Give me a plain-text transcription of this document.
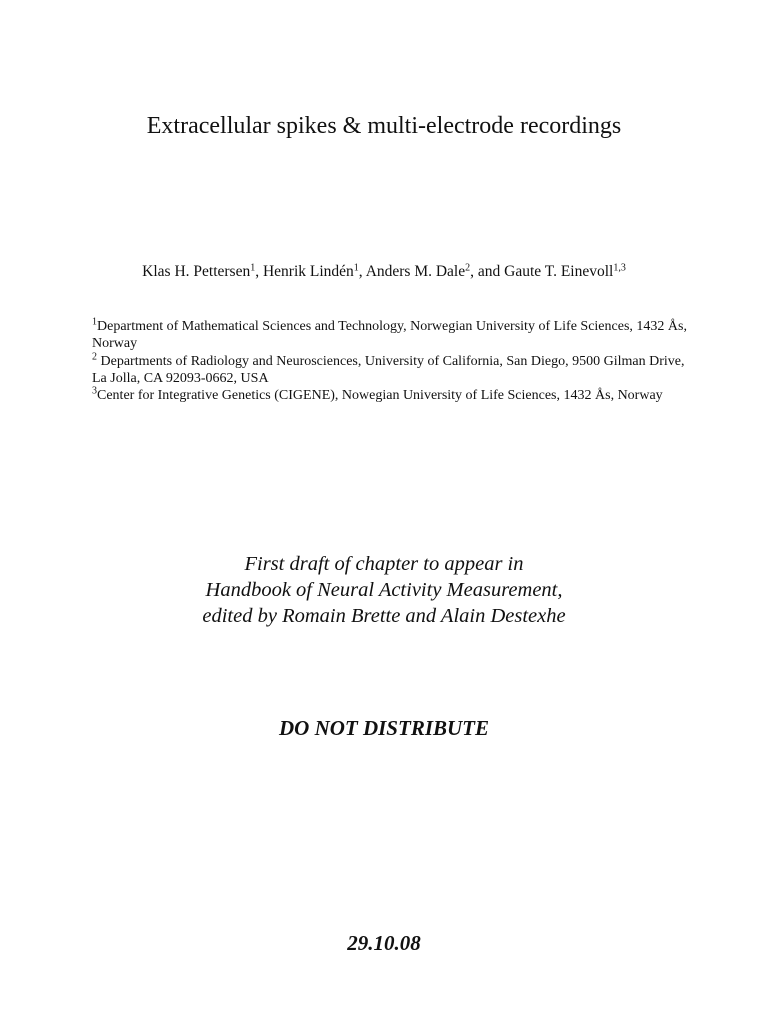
Extracellular spikes & multi-electrode recordings

Klas H. Pettersen$^1$, Henrik Lindén$^1$, Anders M. Dale$^2$, and Gaute T. Einevoll$^{1,3}$

$^1$Department of Mathematical Sciences and Technology, Norwegian University of Life Sciences, 1432 Ås, Norway

$^2$ Departments of Radiology and Neurosciences, University of California, San Diego, 9500 Gilman Drive, La Jolla, CA 92093-0662, USA

$^3$Center for Integrative Genetics (CIGENE), Nowegian University of Life Sciences, 1432 Ås, Norway

First draft of chapter to appear in
Handbook of Neural Activity Measurement,
edited by Romain Brette and Alain Destexhe

DO NOT DISTRIBUTE

29.10.08
